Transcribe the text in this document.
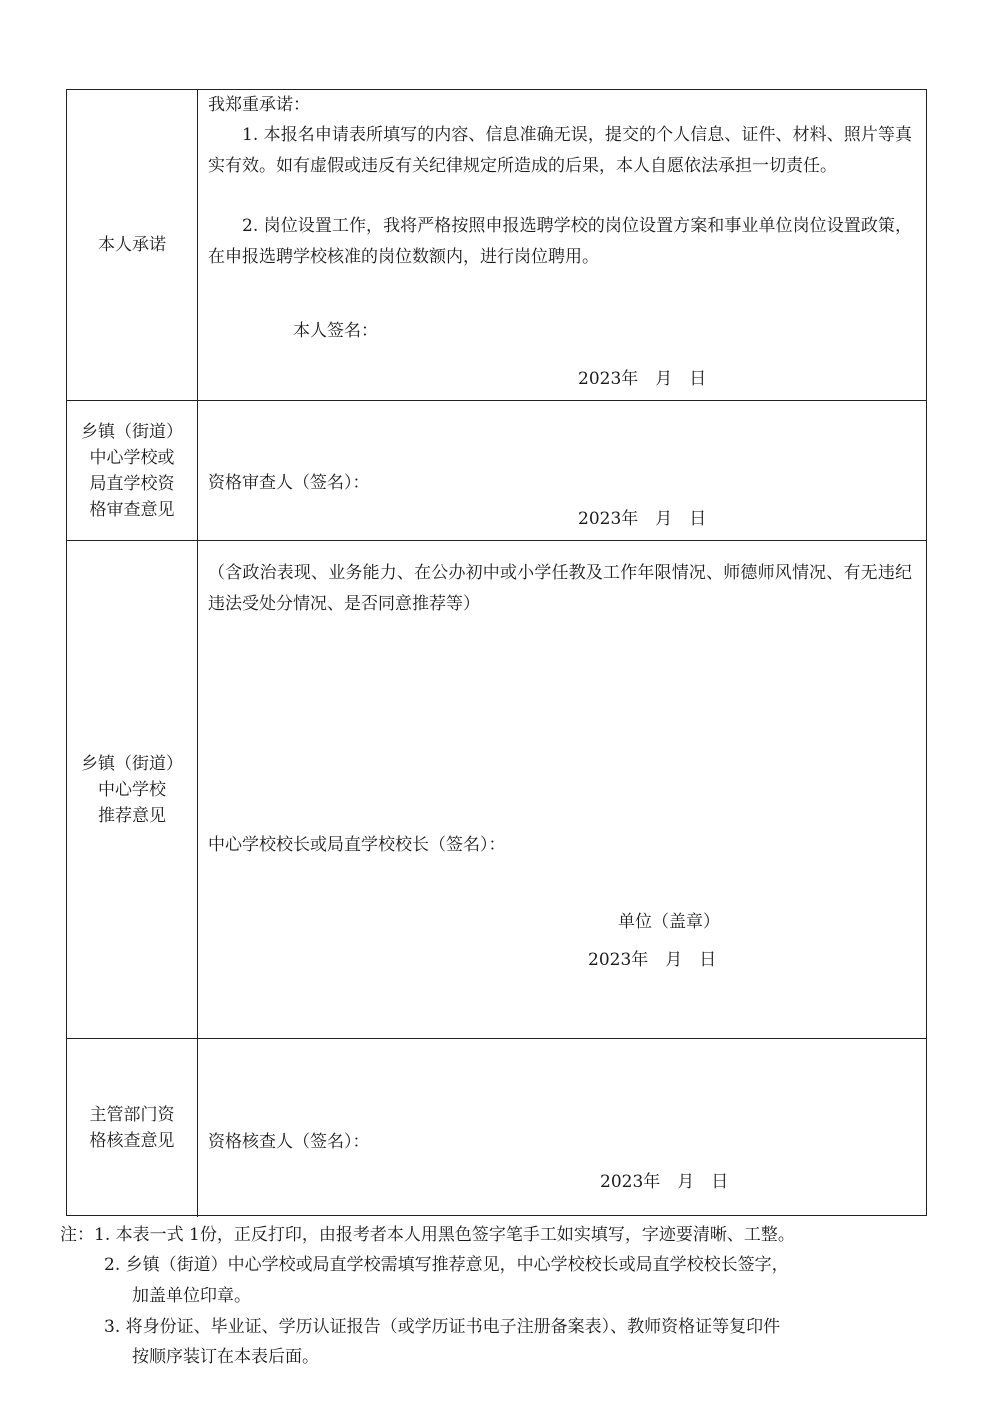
本人承诺
我郑重承诺：
1. 本报名申请表所填写的内容、信息准确无误，提交的个人信息、证件、材料、照片等真实有效。如有虚假或违反有关纪律规定所造成的后果，本人自愿依法承担一切责任。
2. 岗位设置工作，我将严格按照申报选聘学校的岗位设置方案和事业单位岗位设置政策，在申报选聘学校核准的岗位数额内，进行岗位聘用。
本人签名：
2023年　月　日
乡镇（街道）
中心学校或
局直学校资
格审查意见
资格审查人（签名）：
2023年　月　日
乡镇（街道）
中心学校
推荐意见
（含政治表现、业务能力、在公办初中或小学任教及工作年限情况、师德师风情况、有无违纪违法受处分情况、是否同意推荐等）
中心学校校长或局直学校校长（签名）：
单位（盖章）
2023年　月　日
主管部门资
格核查意见	资格核查人（签名）：
2023年　月　日
注：1. 本表一式 1份，正反打印，由报考者本人用黑色签字笔手工如实填写，字迹要清晰、工整。
2. 乡镇（街道）中心学校或局直学校需填写推荐意见，中心学校校长或局直学校校长签字，
加盖单位印章。
3. 将身份证、毕业证、学历认证报告（或学历证书电子注册备案表）、教师资格证等复印件
按顺序装订在本表后面。
